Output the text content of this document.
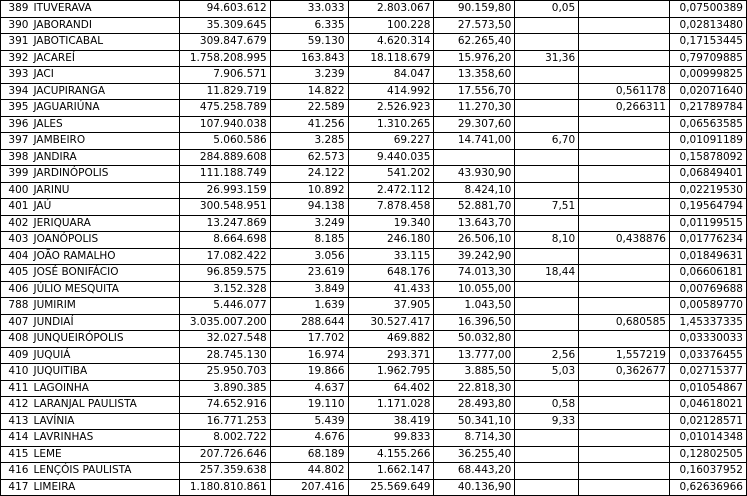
389	ITUVERAVA	94.603.612	33.033	2.803.067	90.159,80	0,05		0,07500389
390	JABORANDI	35.309.645	6.335	100.228	27.573,50			0,02813480
391	JABOTICABAL	309.847.679	59.130	4.620.314	62.265,40			0,17153445
392	JACAREÍ	1.758.208.995	163.843	18.118.679	15.976,20	31,36		0,79709885
393	JACI	7.906.571	3.239	84.047	13.358,60			0,00999825
394	JACUPIRANGA	11.829.719	14.822	414.992	17.556,70		0,561178	0,02071640
395	JAGUARIÚNA	475.258.789	22.589	2.526.923	11.270,30		0,266311	0,21789784
396	JALES	107.940.038	41.256	1.310.265	29.307,60			0,06563585
397	JAMBEIRO	5.060.586	3.285	69.227	14.741,00	6,70		0,01091189
398	JANDIRA	284.889.608	62.573	9.440.035				0,15878092
399	JARDINÓPOLIS	111.188.749	24.122	541.202	43.930,90			0,06849401
400	JARINU	26.993.159	10.892	2.472.112	8.424,10			0,02219530
401	JAÚ	300.548.951	94.138	7.878.458	52.881,70	7,51		0,19564794
402	JERIQUARA	13.247.869	3.249	19.340	13.643,70			0,01199515
403	JOANÓPOLIS	8.664.698	8.185	246.180	26.506,10	8,10	0,438876	0,01776234
404	JOÃO RAMALHO	17.082.422	3.056	33.115	39.242,90			0,01849631
405	JOSÉ BONIFÁCIO	96.859.575	23.619	648.176	74.013,30	18,44		0,06606181
406	JÚLIO MESQUITA	3.152.328	3.849	41.433	10.055,00			0,00769688
788	JUMIRIM	5.446.077	1.639	37.905	1.043,50			0,00589770
407	JUNDIAÍ	3.035.007.200	288.644	30.527.417	16.396,50		0,680585	1,45337335
408	JUNQUEIRÓPOLIS	32.027.548	17.702	469.882	50.032,80			0,03330033
409	JUQUIÁ	28.745.130	16.974	293.371	13.777,00	2,56	1,557219	0,03376455
410	JUQUITIBA	25.950.703	19.866	1.962.795	3.885,50	5,03	0,362677	0,02715377
411	LAGOINHA	3.890.385	4.637	64.402	22.818,30			0,01054867
412	LARANJAL PAULISTA	74.652.916	19.110	1.171.028	28.493,80	0,58		0,04618021
413	LAVÍNIA	16.771.253	5.439	38.419	50.341,10	9,33		0,02128571
414	LAVRINHAS	8.002.722	4.676	99.833	8.714,30			0,01014348
415	LEME	207.726.646	68.189	4.155.266	36.255,40			0,12802505
416	LENÇÓIS PAULISTA	257.359.638	44.802	1.662.147	68.443,20			0,16037952
417	LIMEIRA	1.180.810.861	207.416	25.569.649	40.136,90			0,62636966
